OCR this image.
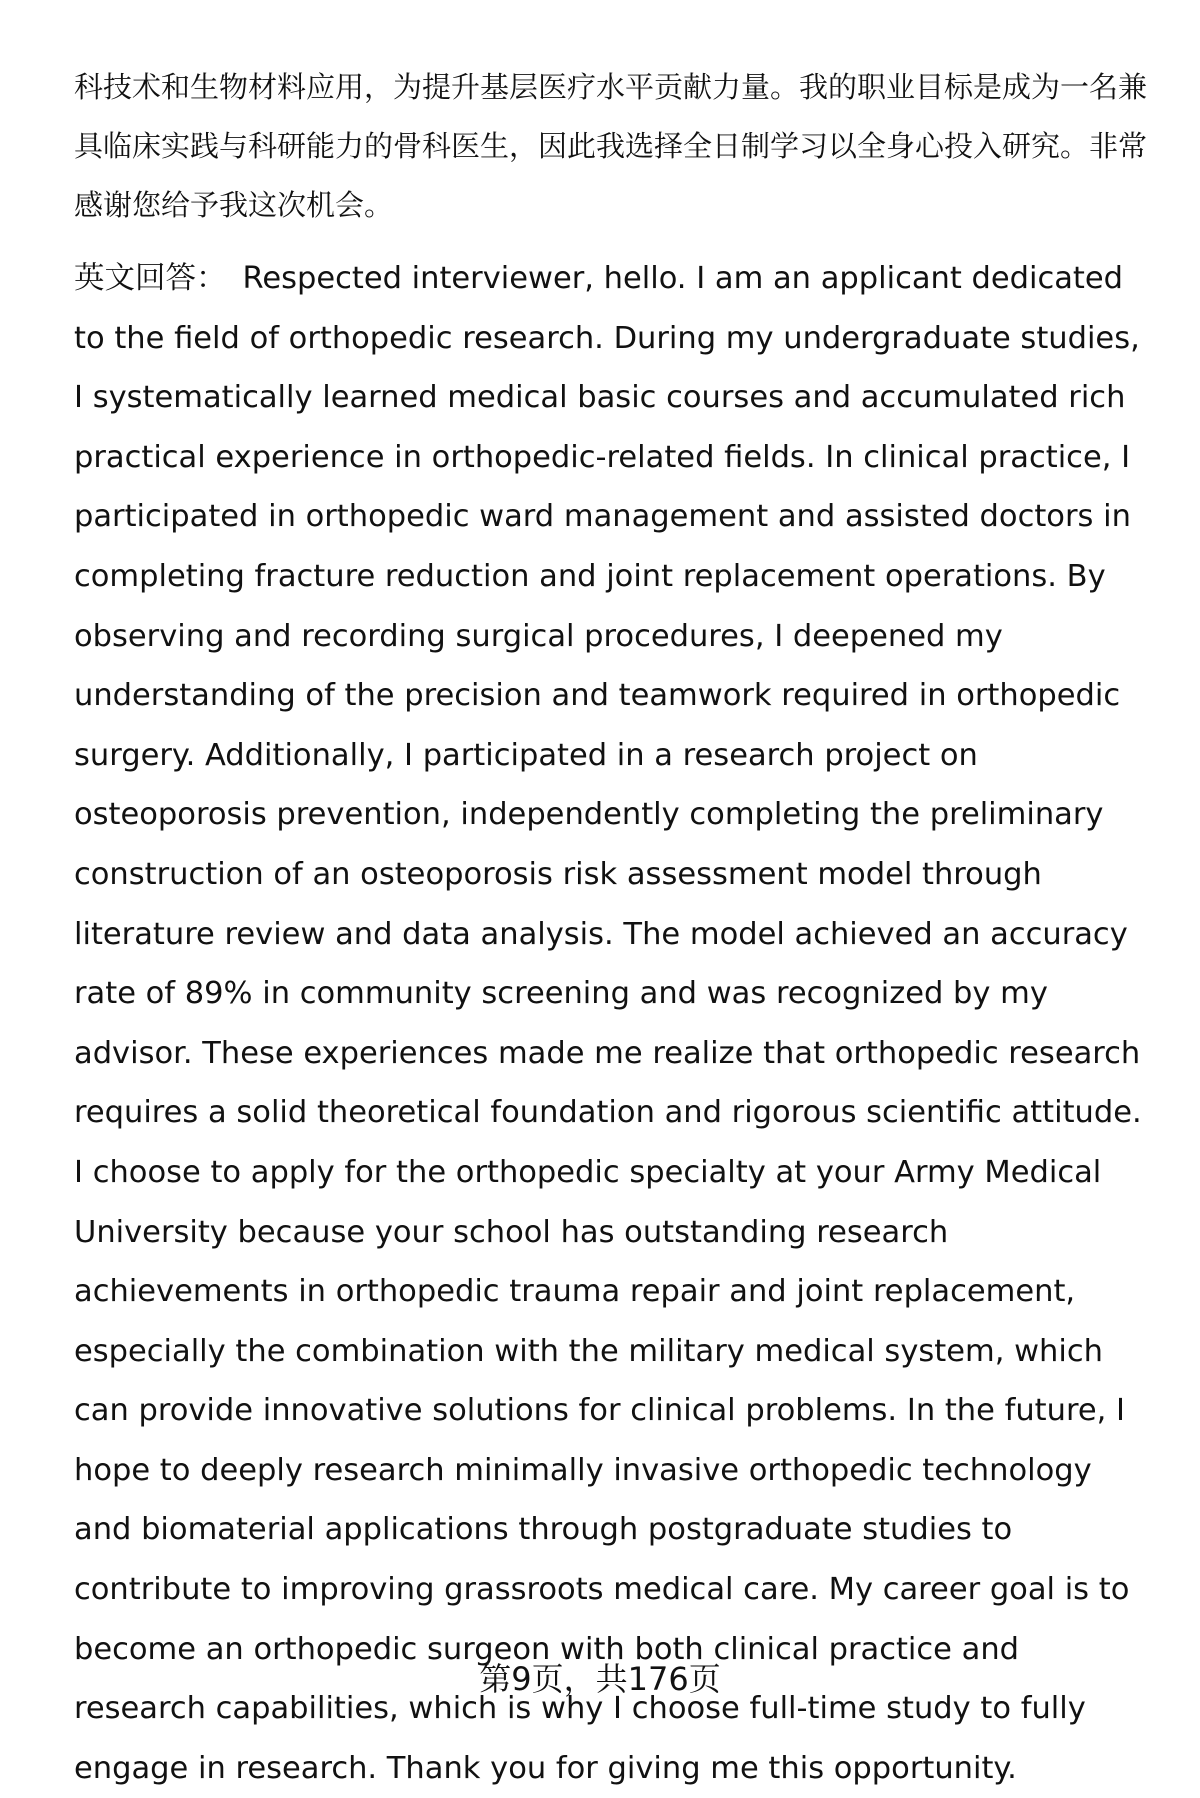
科技术和生物材料应用，为提升基层医疗水平贡献力量。我的职业目标是成为一名兼具临床实践与科研能力的骨科医生，因此我选择全日制学习以全身心投入研究。非常感谢您给予我这次机会。

英文回答： Respected interviewer, hello. I am an applicant dedicated to the field of orthopedic research. During my undergraduate studies, I systematically learned medical basic courses and accumulated rich practical experience in orthopedic-related fields. In clinical practice, I participated in orthopedic ward management and assisted doctors in completing fracture reduction and joint replacement operations. By observing and recording surgical procedures, I deepened my understanding of the precision and teamwork required in orthopedic surgery. Additionally, I participated in a research project on osteoporosis prevention, independently completing the preliminary construction of an osteoporosis risk assessment model through literature review and data analysis. The model achieved an accuracy rate of 89% in community screening and was recognized by my advisor. These experiences made me realize that orthopedic research requires a solid theoretical foundation and rigorous scientific attitude. I choose to apply for the orthopedic specialty at your Army Medical University because your school has outstanding research achievements in orthopedic trauma repair and joint replacement, especially the combination with the military medical system, which can provide innovative solutions for clinical problems. In the future, I hope to deeply research minimally invasive orthopedic technology and biomaterial applications through postgraduate studies to contribute to improving grassroots medical care. My career goal is to become an orthopedic surgeon with both clinical practice and research capabilities, which is why I choose full-time study to fully engage in research. Thank you for giving me this opportunity.

第9页，共176页
